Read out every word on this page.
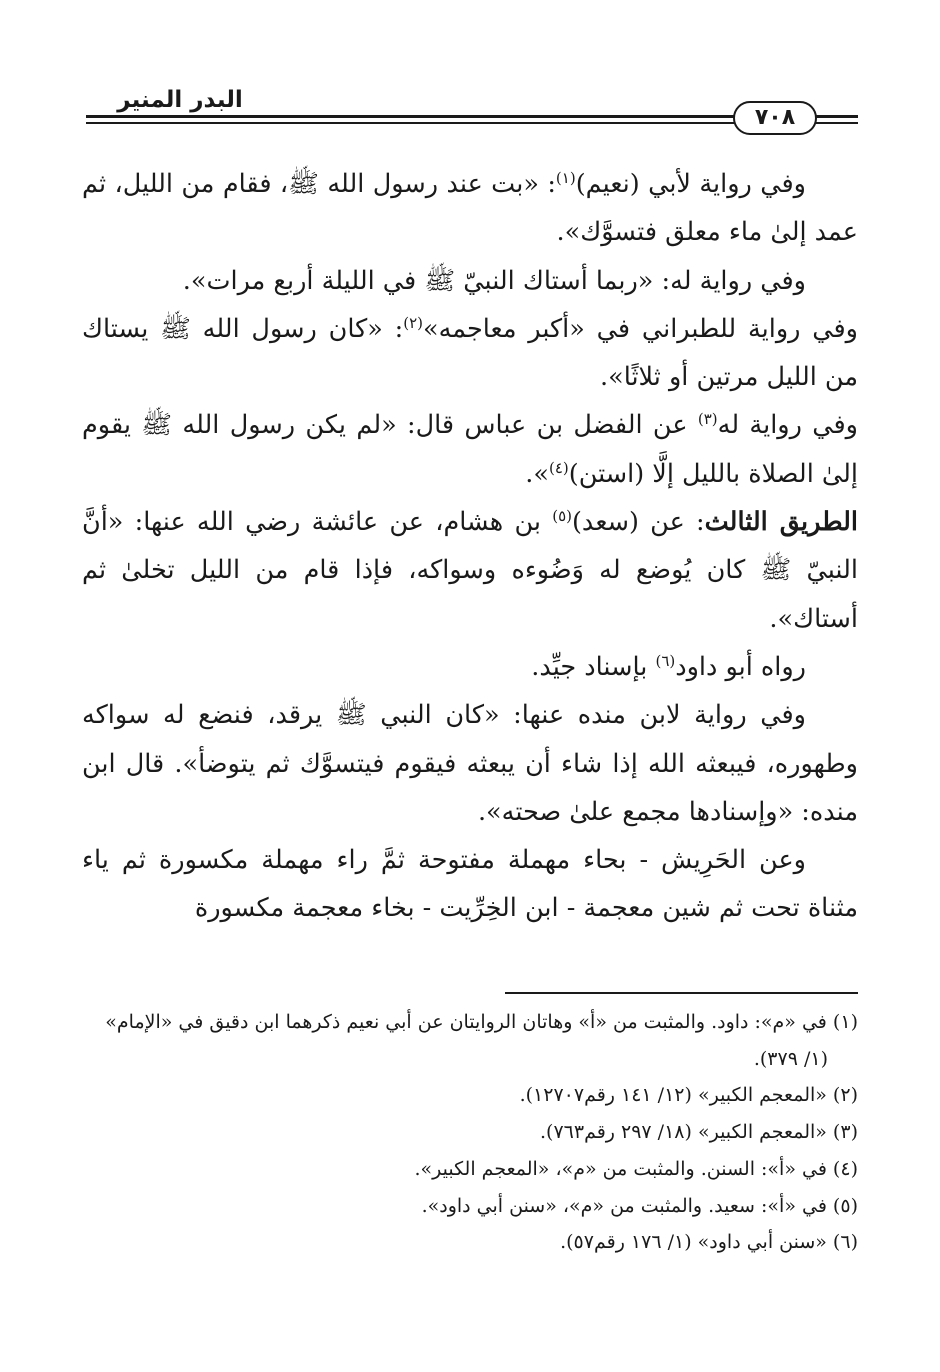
البدر المنير
٧٠٨

وفي رواية لأبي (نعيم)$^{(١)}$: «بت عند رسول الله ﷺ، فقام من الليل، ثم عمد إلىٰ ماء معلق فتسوَّك».

وفي رواية له: «ربما أستاك النبيّ ﷺ في الليلة أربع مرات».

وفي رواية للطبراني في «أكبر معاجمه»$^{(٢)}$: «كان رسول الله ﷺ يستاك من الليل مرتين أو ثلاثًا».

وفي رواية له$^{(٣)}$ عن الفضل بن عباس قال: «لم يكن رسول الله ﷺ يقوم إلىٰ الصلاة بالليل إلَّا (استن)$^{(٤)}$».

الطريق الثالث: عن (سعد)$^{(٥)}$ بن هشام، عن عائشة رضي الله عنها: «أنَّ النبيّ ﷺ كان يُوضع له وَضُوءه وسواكه، فإذا قام من الليل تخلىٰ ثم أستاك».

رواه أبو داود$^{(٦)}$ بإسناد جيِّد.

وفي رواية لابن منده عنها: «كان النبي ﷺ يرقد، فنضع له سواكه وطهوره، فيبعثه الله إذا شاء أن يبعثه فيقوم فيتسوَّك ثم يتوضأ». قال ابن منده: «وإسنادها مجمع علىٰ صحته».

وعن الحَرِيش - بحاء مهملة مفتوحة ثمَّ راء مهملة مكسورة ثم ياء مثناة تحت ثم شين معجمة - ابن الخِرِّيت - بخاء معجمة مكسورة

(١) في «م»: داود. والمثبت من «أ» وهاتان الروايتان عن أبي نعيم ذكرهما ابن دقيق في «الإمام» (١/ ٣٧٩).

(٢) «المعجم الكبير» (١٢/ ١٤١ رقم١٢٧٠٧).

(٣) «المعجم الكبير» (١٨/ ٢٩٧ رقم٧٦٣).

(٤) في «أ»: السنن. والمثبت من «م»، «المعجم الكبير».

(٥) في «أ»: سعيد. والمثبت من «م»، «سنن أبي داود».

(٦) «سنن أبي داود» (١/ ١٧٦ رقم٥٧).
